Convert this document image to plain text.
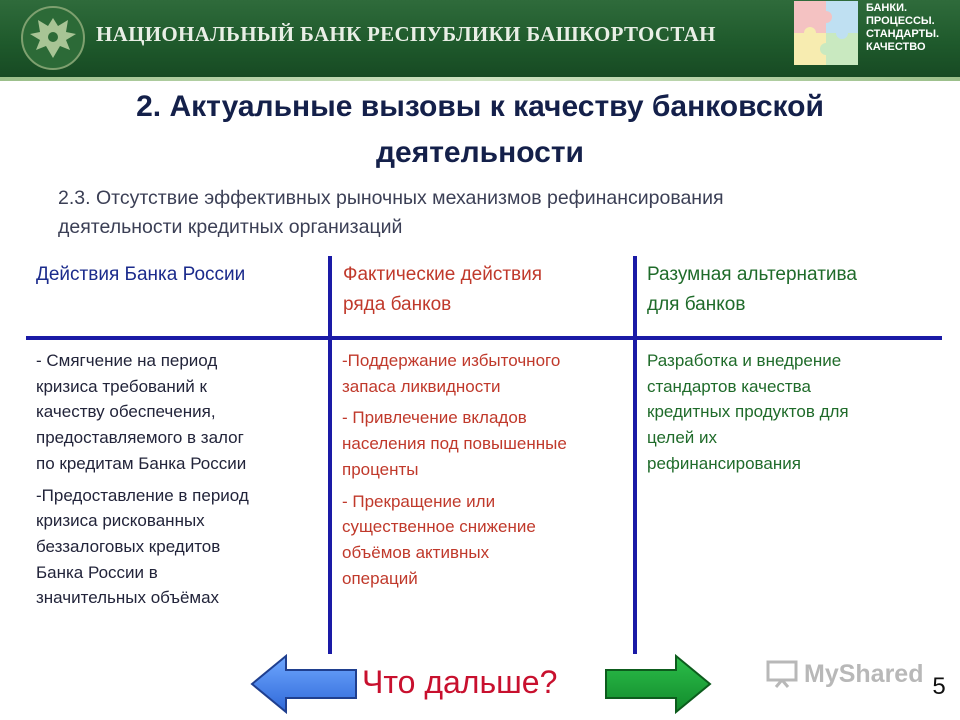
НАЦИОНАЛЬНЫЙ БАНК РЕСПУБЛИКИ БАШКОРТОСТАН
БАНКИ.
ПРОЦЕССЫ.
СТАНДАРТЫ.
КАЧЕСТВО
2. Актуальные вызовы к качеству банковской
деятельности
2.3. Отсутствие эффективных рыночных механизмов рефинансирования
деятельности кредитных организаций
Действия Банка России	Фактические действия
ряда банков
Разумная альтернатива
для банков

- Смягчение на период
кризиса требований к
качеству обеспечения,
предоставляемого в залог
по кредитам Банка России

-Предоставление в период
кризиса рискованных
беззалоговых кредитов
Банка России в
значительных объёмах

-Поддержание избыточного
запаса ликвидности

- Привлечение вкладов
населения под повышенные
проценты

- Прекращение или
существенное снижение
объёмов активных
операций

Разработка и внедрение
стандартов качества
кредитных продуктов для
целей их
рефинансирования

Что дальше?	MyShared 5
